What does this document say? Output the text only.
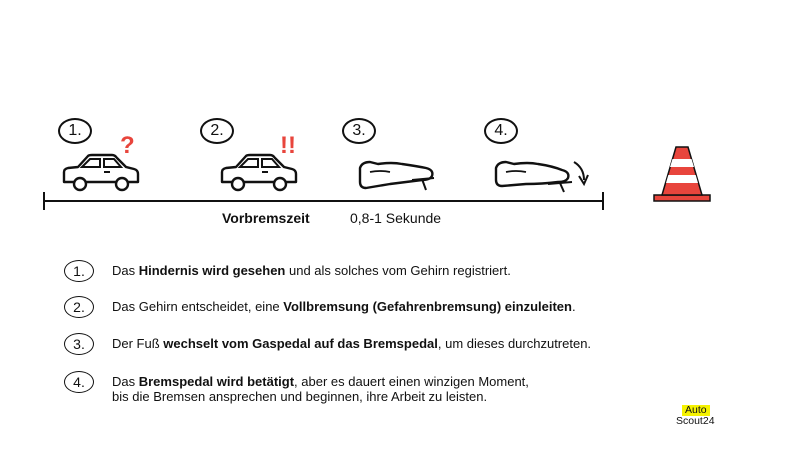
1.	2.	3.	4.
?	!!
Vorbremszeit	0,8-1 Sekunde
1.	Das Hindernis wird gesehen und als solches vom Gehirn registriert.
2.	Das Gehirn entscheidet, eine Vollbremsung (Gefahrenbremsung) einzuleiten.
3.	Der Fuß wechselt vom Gaspedal auf das Bremspedal, um dieses durchzutreten.
4.	Das Bremspedal wird betätigt, aber es dauert einen winzigen Moment,
bis die Bremsen ansprechen und beginnen, ihre Arbeit zu leisten.
Auto
Scout24
